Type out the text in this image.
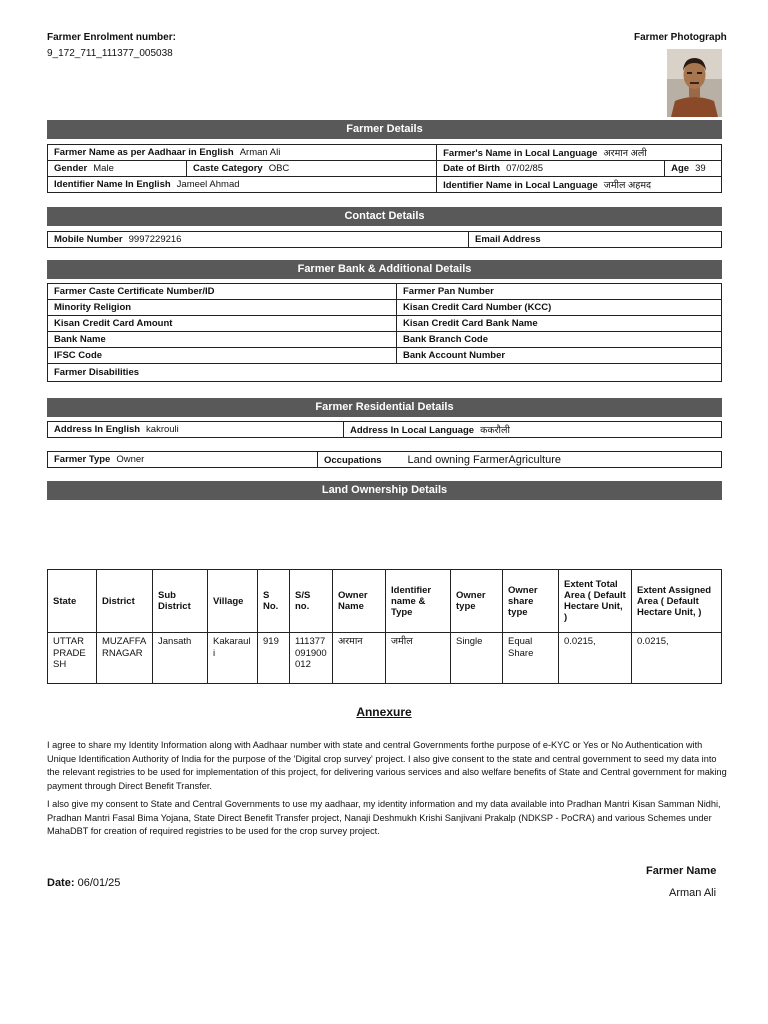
Farmer Enrolment number:
9_172_711_111377_005038
Farmer Photograph
Farmer Details
Farmer Name as per Aadhaar in English Arman Ali		Farmer's Name in Local Language अरमान अली	
Gender Male	Caste Category OBC	Date of Birth 07/02/85	Age 39
Identifier Name In English Jameel Ahmad		Identifier Name in Local Language जमील अहमद	
Contact Details
Mobile Number 9997229216	Email Address
Farmer Bank & Additional Details
Farmer Caste Certificate Number/ID	Farmer Pan Number
Minority Religion	Kisan Credit Card Number (KCC)
Kisan Credit Card Amount	Kisan Credit Card Bank Name
Bank Name	Bank Branch Code
IFSC Code	Bank Account Number
Farmer Disabilities	
Farmer Residential Details
Address In English kakrouli	Address In Local Language ककरौली
Farmer Type Owner	Occupations Land owning FarmerAgriculture
Land Ownership Details
State	District	Sub District	Village	S No.	S/S no.	Owner Name	Identifier name & Type	Owner type	Owner share type	Extent Total Area ( Default Hectare Unit, )	Extent Assigned Area ( Default Hectare Unit, )
UTTAR PRADESH	MUZAFFARNAGAR	Jansath	Kakarauli	919	111377091900012	अरमान	जमील	Single	Equal Share	0.0215,	0.0215,
Annexure
I agree to share my Identity Information along with Aadhaar number with state and central Governments forthe purpose of e-KYC or Yes or No Authentication with Unique Identification Authority of India for the purpose of the 'Digital crop survey' project. I also give consent to the state and central government to seed my data into the relevant registries to be used for implementation of this project, for delivering various services and also welfare benefits of State and Central government for making payment through Direct Benefit Transfer.
I also give my consent to State and Central Governments to use my aadhaar, my identity information and my data available into Pradhan Mantri Kisan Samman Nidhi, Pradhan Mantri Fasal Bima Yojana, State Direct Benefit Transfer project, Nanaji Deshmukh Krishi Sanjivani Prakalp (NDKSP - PoCRA) and various Schemes under MahaDBT for creation of required registries to be used for the crop survey project.
Farmer Name
Arman Ali
Date: 06/01/25
